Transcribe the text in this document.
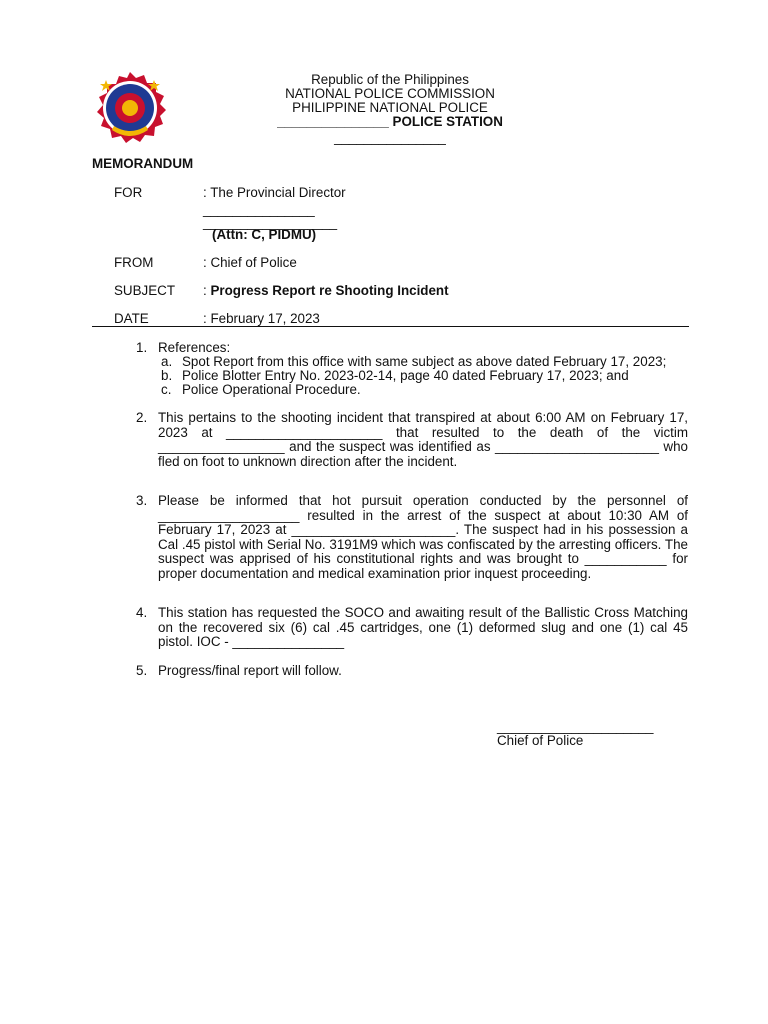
Republic of the Philippines
NATIONAL POLICE COMMISSION
PHILIPPINE NATIONAL POLICE
_______________ POLICE STATION
_______________
MEMORANDUM
FOR	: The Provincial Director
_______________
__________________
(Attn: C, PIDMU)
FROM	: Chief of Police
SUBJECT : Progress Report re Shooting Incident
DATE	: February 17, 2023
1. References:
a. Spot Report from this office with same subject as above dated February 17, 2023;
b. Police Blotter Entry No. 2023-02-14, page 40 dated February 17, 2023; and
c. Police Operational Procedure.
2. This pertains to the shooting incident that transpired at about 6:00 AM on February 17, 2023 at _____________________ that resulted to the death of the victim _________________ and the suspect was identified as ______________________ who fled on foot to unknown direction after the incident.
3. Please be informed that hot pursuit operation conducted by the personnel of ___________________ resulted in the arrest of the suspect at about 10:30 AM of February 17, 2023 at ______________________. The suspect had in his possession a Cal .45 pistol with Serial No. 3191M9 which was confiscated by the arresting officers. The suspect was apprised of his constitutional rights and was brought to ___________ for proper documentation and medical examination prior inquest proceeding.
4. This station has requested the SOCO and awaiting result of the Ballistic Cross Matching on the recovered six (6) cal .45 cartridges, one (1) deformed slug and one (1) cal 45 pistol. IOC - _______________
5. Progress/final report will follow.
_____________________
Chief of Police
